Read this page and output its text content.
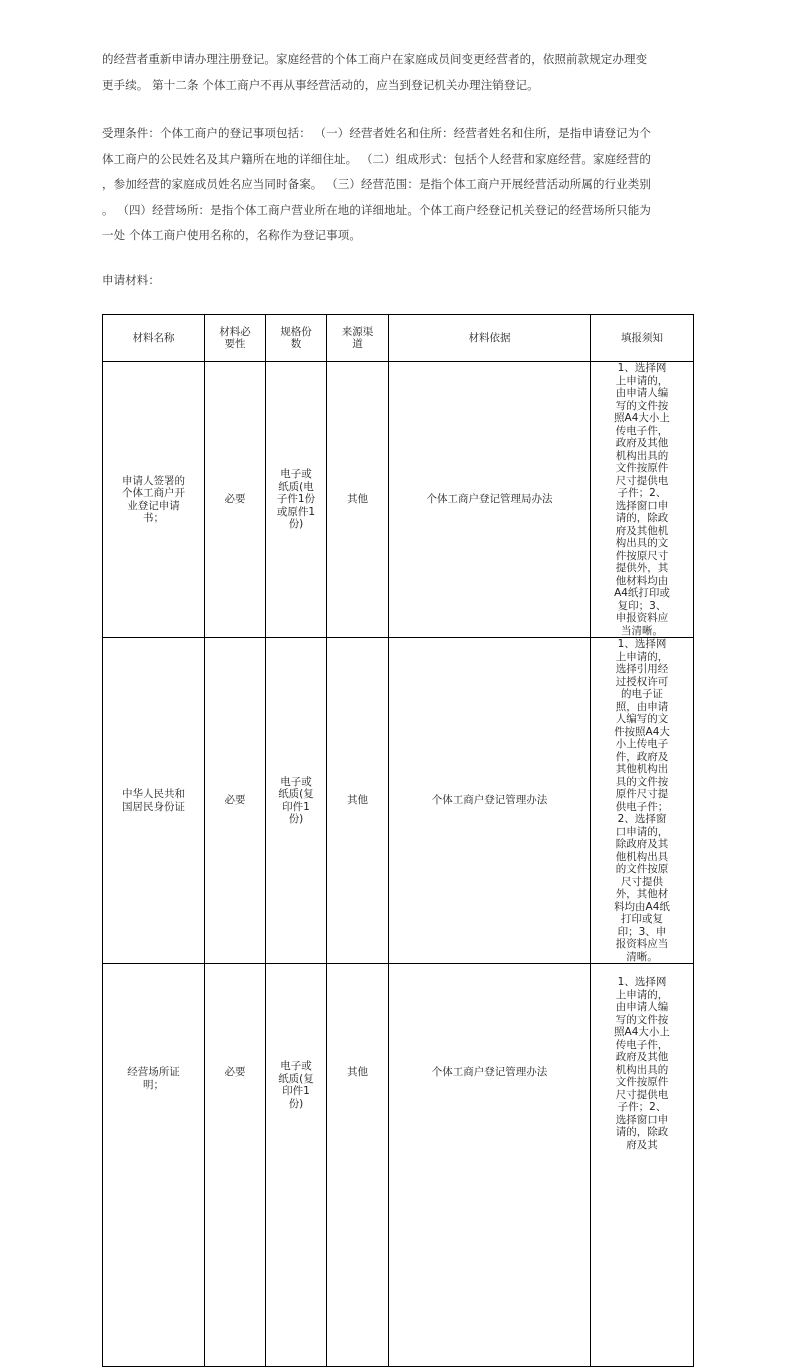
的经营者重新申请办理注册登记。家庭经营的个体工商户在家庭成员间变更经营者的，依照前款规定办理变
更手续。 第十二条 个体工商户不再从事经营活动的，应当到登记机关办理注销登记。
受理条件：个体工商户的登记事项包括： （一）经营者姓名和住所：经营者姓名和住所，是指申请登记为个
体工商户的公民姓名及其户籍所在地的详细住址。 （二）组成形式：包括个人经营和家庭经营。家庭经营的
，参加经营的家庭成员姓名应当同时备案。 （三）经营范围：是指个体工商户开展经营活动所属的行业类别
。 （四）经营场所：是指个体工商户营业所在地的详细地址。个体工商户经登记机关登记的经营场所只能为
一处 个体工商户使用名称的，名称作为登记事项。
申请材料：
材料名称	材料必要性	规格份数	来源渠道	材料依据	填报须知
申请人签署的个体工商户开业登记申请书；	必要	电子或纸质(电子件1份或原件1份)	其他	个体工商户登记管理局办法	1、选择网上申请的，由申请人编写的文件按照A4大小上传电子件，政府及其他机构出具的文件按原件尺寸提供电子件；2、选择窗口申请的，除政府及其他机构出具的文件按原尺寸提供外，其他材料均由A4纸打印或复印；3、申报资料应当清晰。
中华人民共和国居民身份证	必要	电子或纸质(复印件1份)	其他	个体工商户登记管理办法	1、选择网上申请的，选择引用经过授权许可的电子证照，由申请人编写的文件按照A4大小上传电子件，政府及其他机构出具的文件按原件尺寸提供电子件；2、选择窗口申请的，除政府及其他机构出具的文件按原尺寸提供外，其他材料均由A4纸打印或复印；3、申报资料应当清晰。
经营场所证明；	必要	电子或纸质(复印件1份)	其他	个体工商户登记管理办法	1、选择网上申请的，由申请人编写的文件按照A4大小上传电子件，政府及其他机构出具的文件按原件尺寸提供电子件；2、选择窗口申请的，除政府及其
